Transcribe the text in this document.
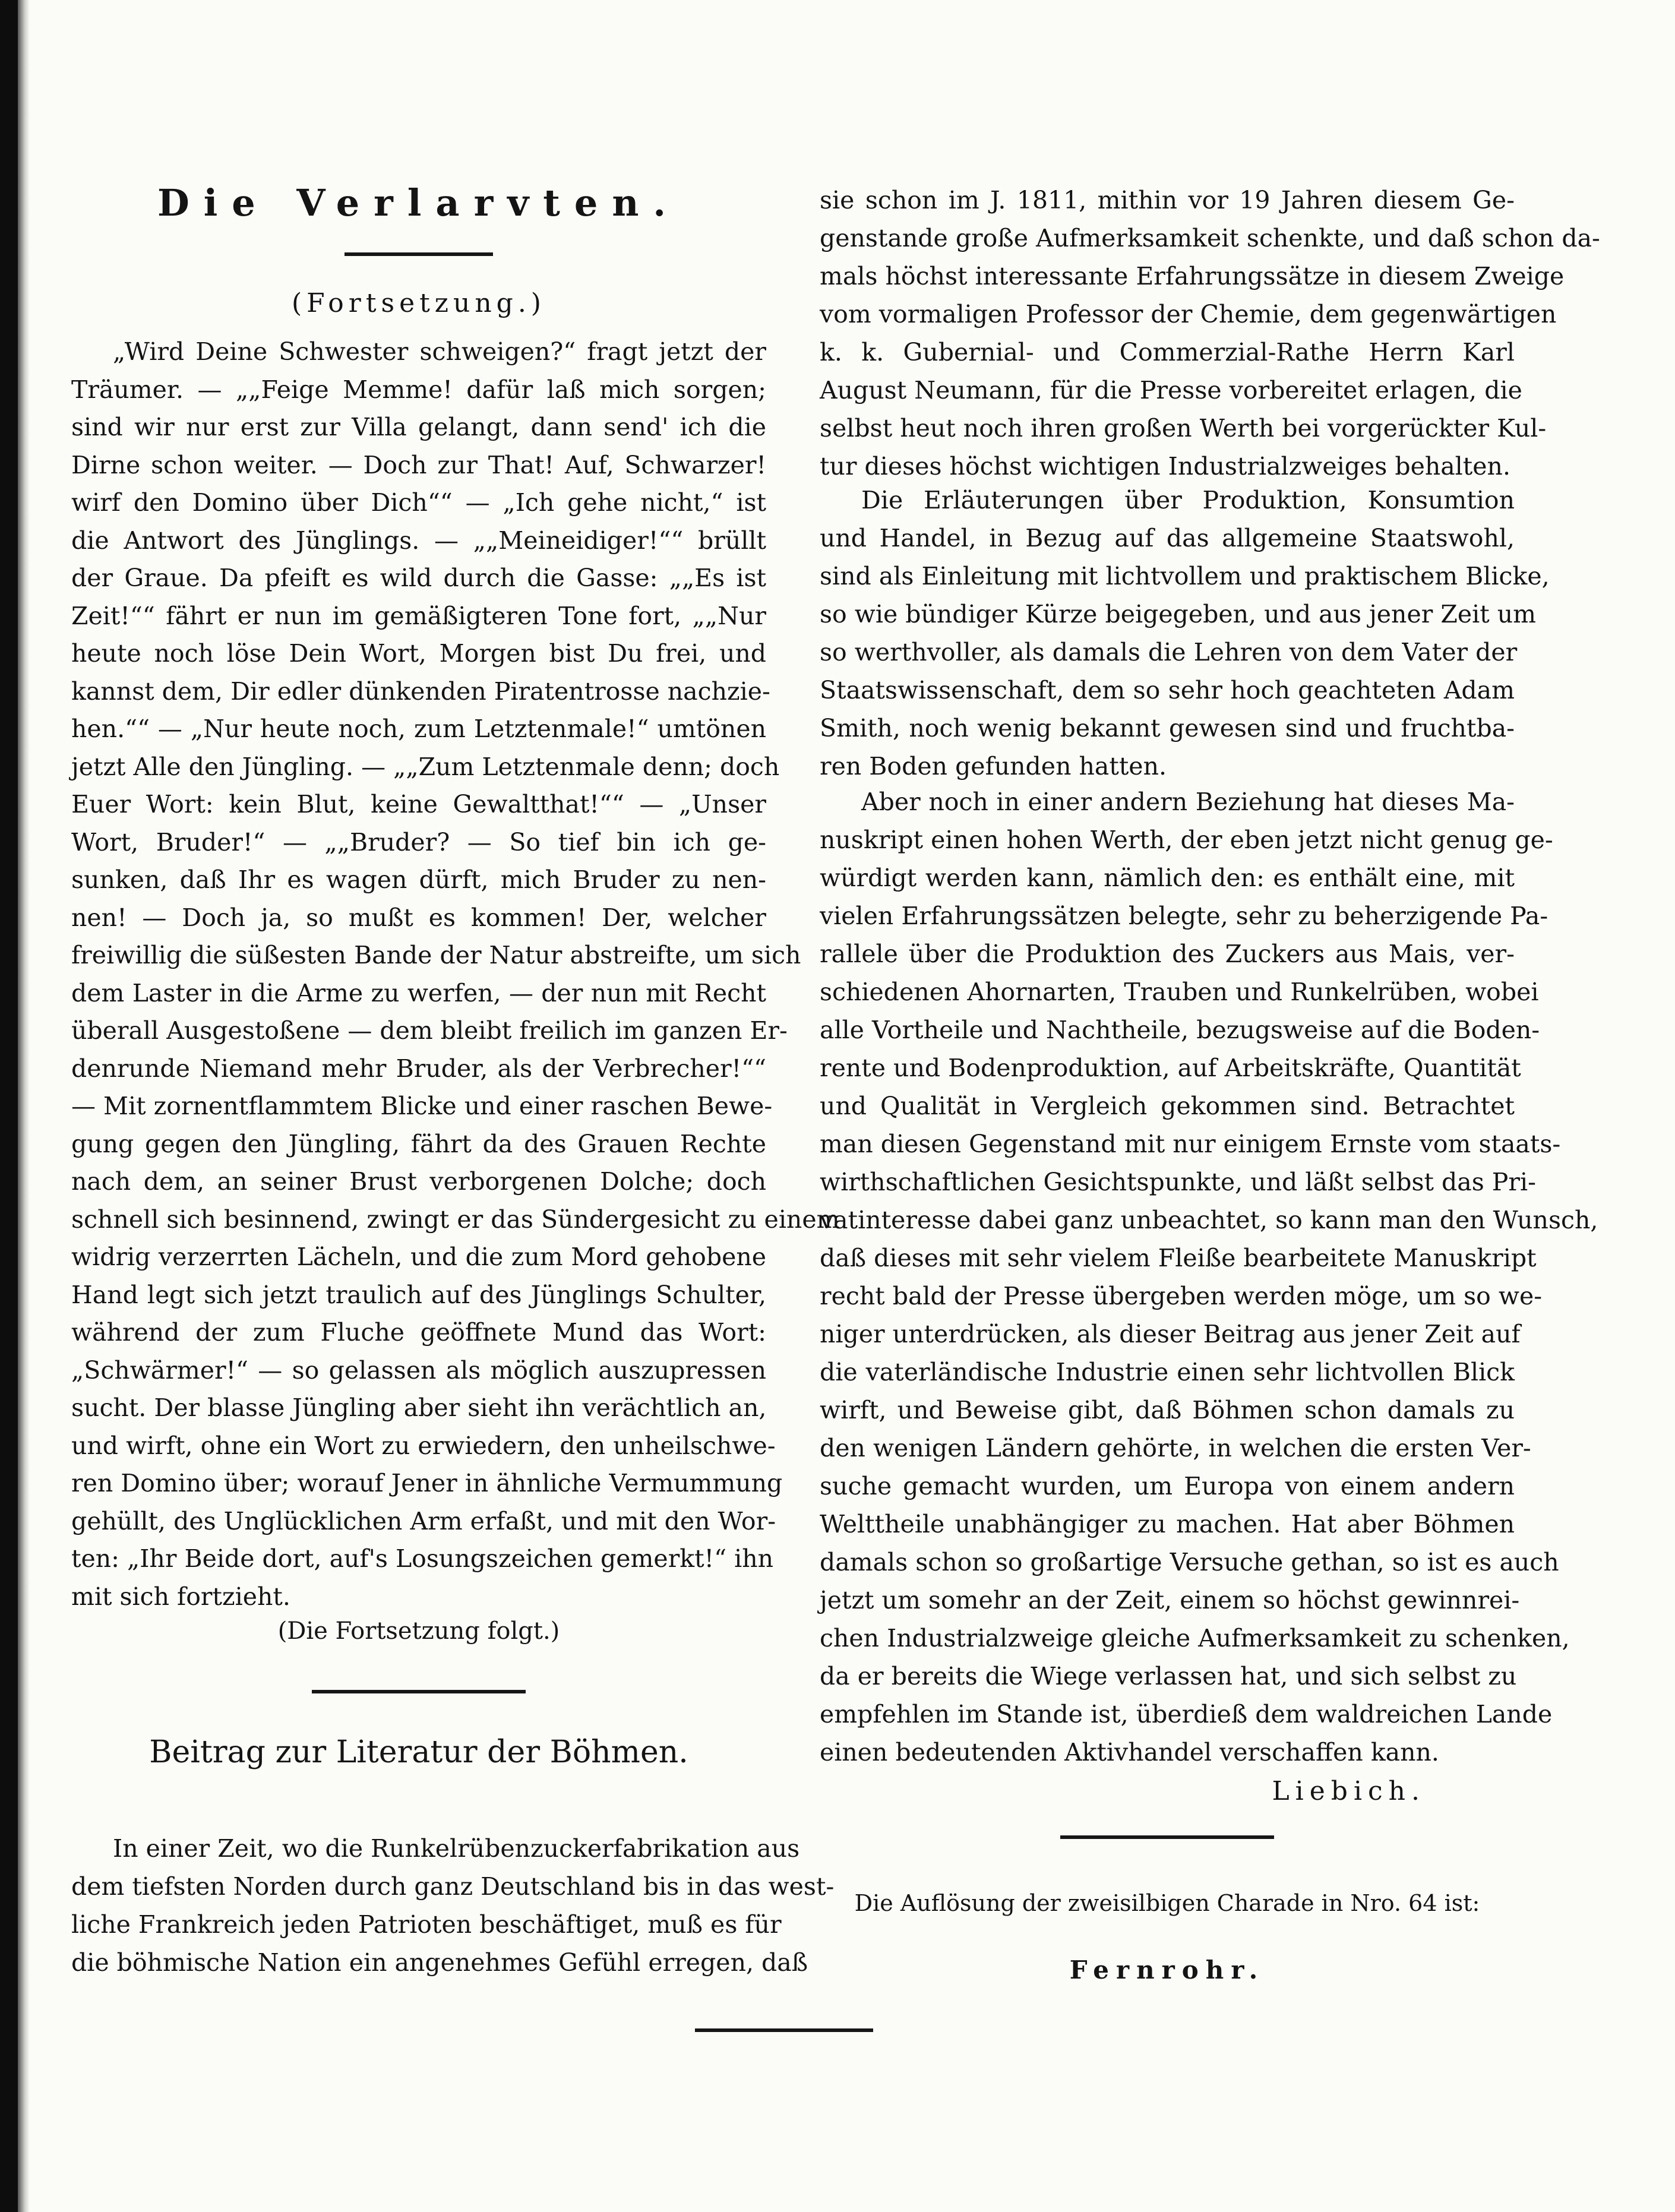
Die Verlarvten.
(Fortsetzung.)
„Wird Deine Schwester schweigen?“ fragt jetzt der
Träumer. — „„Feige Memme! dafür laß mich sorgen;
sind wir nur erst zur Villa gelangt, dann send' ich die
Dirne schon weiter. — Doch zur That! Auf, Schwarzer!
wirf den Domino über Dich““ — „Ich gehe nicht,“ ist
die Antwort des Jünglings. — „„Meineidiger!““ brüllt
der Graue. Da pfeift es wild durch die Gasse: „„Es ist
Zeit!““ fährt er nun im gemäßigteren Tone fort, „„Nur
heute noch löse Dein Wort, Morgen bist Du frei, und
kannst dem, Dir edler dünkenden Piratentrosse nachzie-
hen.““ — „Nur heute noch, zum Letztenmale!“ umtönen
jetzt Alle den Jüngling. — „„Zum Letztenmale denn; doch
Euer Wort: kein Blut, keine Gewaltthat!““ — „Unser
Wort, Bruder!“ — „„Bruder? — So tief bin ich ge-
sunken, daß Ihr es wagen dürft, mich Bruder zu nen-
nen! — Doch ja, so mußt es kommen! Der, welcher
freiwillig die süßesten Bande der Natur abstreifte, um sich
dem Laster in die Arme zu werfen, — der nun mit Recht
überall Ausgestoßene — dem bleibt freilich im ganzen Er-
denrunde Niemand mehr Bruder, als der Verbrecher!““
— Mit zornentflammtem Blicke und einer raschen Bewe-
gung gegen den Jüngling, fährt da des Grauen Rechte
nach dem, an seiner Brust verborgenen Dolche; doch
schnell sich besinnend, zwingt er das Sündergesicht zu einem
widrig verzerrten Lächeln, und die zum Mord gehobene
Hand legt sich jetzt traulich auf des Jünglings Schulter,
während der zum Fluche geöffnete Mund das Wort:
„Schwärmer!“ — so gelassen als möglich auszupressen
sucht. Der blasse Jüngling aber sieht ihn verächtlich an,
und wirft, ohne ein Wort zu erwiedern, den unheilschwe-
ren Domino über; worauf Jener in ähnliche Vermummung
gehüllt, des Unglücklichen Arm erfaßt, und mit den Wor-
ten: „Ihr Beide dort, auf's Losungszeichen gemerkt!“ ihn
mit sich fortzieht.
(Die Fortsetzung folgt.)
Beitrag zur Literatur der Böhmen.
In einer Zeit, wo die Runkelrübenzuckerfabrikation aus
dem tiefsten Norden durch ganz Deutschland bis in das west-
liche Frankreich jeden Patrioten beschäftiget, muß es für
die böhmische Nation ein angenehmes Gefühl erregen, daß
sie schon im J. 1811, mithin vor 19 Jahren diesem Ge-
genstande große Aufmerksamkeit schenkte, und daß schon da-
mals höchst interessante Erfahrungssätze in diesem Zweige
vom vormaligen Professor der Chemie, dem gegenwärtigen
k. k. Gubernial- und Commerzial-Rathe Herrn Karl
August Neumann, für die Presse vorbereitet erlagen, die
selbst heut noch ihren großen Werth bei vorgerückter Kul-
tur dieses höchst wichtigen Industrialzweiges behalten.
Die Erläuterungen über Produktion, Konsumtion
und Handel, in Bezug auf das allgemeine Staatswohl,
sind als Einleitung mit lichtvollem und praktischem Blicke,
so wie bündiger Kürze beigegeben, und aus jener Zeit um
so werthvoller, als damals die Lehren von dem Vater der
Staatswissenschaft, dem so sehr hoch geachteten Adam
Smith, noch wenig bekannt gewesen sind und fruchtba-
ren Boden gefunden hatten.
Aber noch in einer andern Beziehung hat dieses Ma-
nuskript einen hohen Werth, der eben jetzt nicht genug ge-
würdigt werden kann, nämlich den: es enthält eine, mit
vielen Erfahrungssätzen belegte, sehr zu beherzigende Pa-
rallele über die Produktion des Zuckers aus Mais, ver-
schiedenen Ahornarten, Trauben und Runkelrüben, wobei
alle Vortheile und Nachtheile, bezugsweise auf die Boden-
rente und Bodenproduktion, auf Arbeitskräfte, Quantität
und Qualität in Vergleich gekommen sind. Betrachtet
man diesen Gegenstand mit nur einigem Ernste vom staats-
wirthschaftlichen Gesichtspunkte, und läßt selbst das Pri-
vatinteresse dabei ganz unbeachtet, so kann man den Wunsch,
daß dieses mit sehr vielem Fleiße bearbeitete Manuskript
recht bald der Presse übergeben werden möge, um so we-
niger unterdrücken, als dieser Beitrag aus jener Zeit auf
die vaterländische Industrie einen sehr lichtvollen Blick
wirft, und Beweise gibt, daß Böhmen schon damals zu
den wenigen Ländern gehörte, in welchen die ersten Ver-
suche gemacht wurden, um Europa von einem andern
Welttheile unabhängiger zu machen. Hat aber Böhmen
damals schon so großartige Versuche gethan, so ist es auch
jetzt um somehr an der Zeit, einem so höchst gewinnrei-
chen Industrialzweige gleiche Aufmerksamkeit zu schenken,
da er bereits die Wiege verlassen hat, und sich selbst zu
empfehlen im Stande ist, überdieß dem waldreichen Lande
einen bedeutenden Aktivhandel verschaffen kann.
Liebich.
Die Auflösung der zweisilbigen Charade in Nro. 64 ist:
Fernrohr.
